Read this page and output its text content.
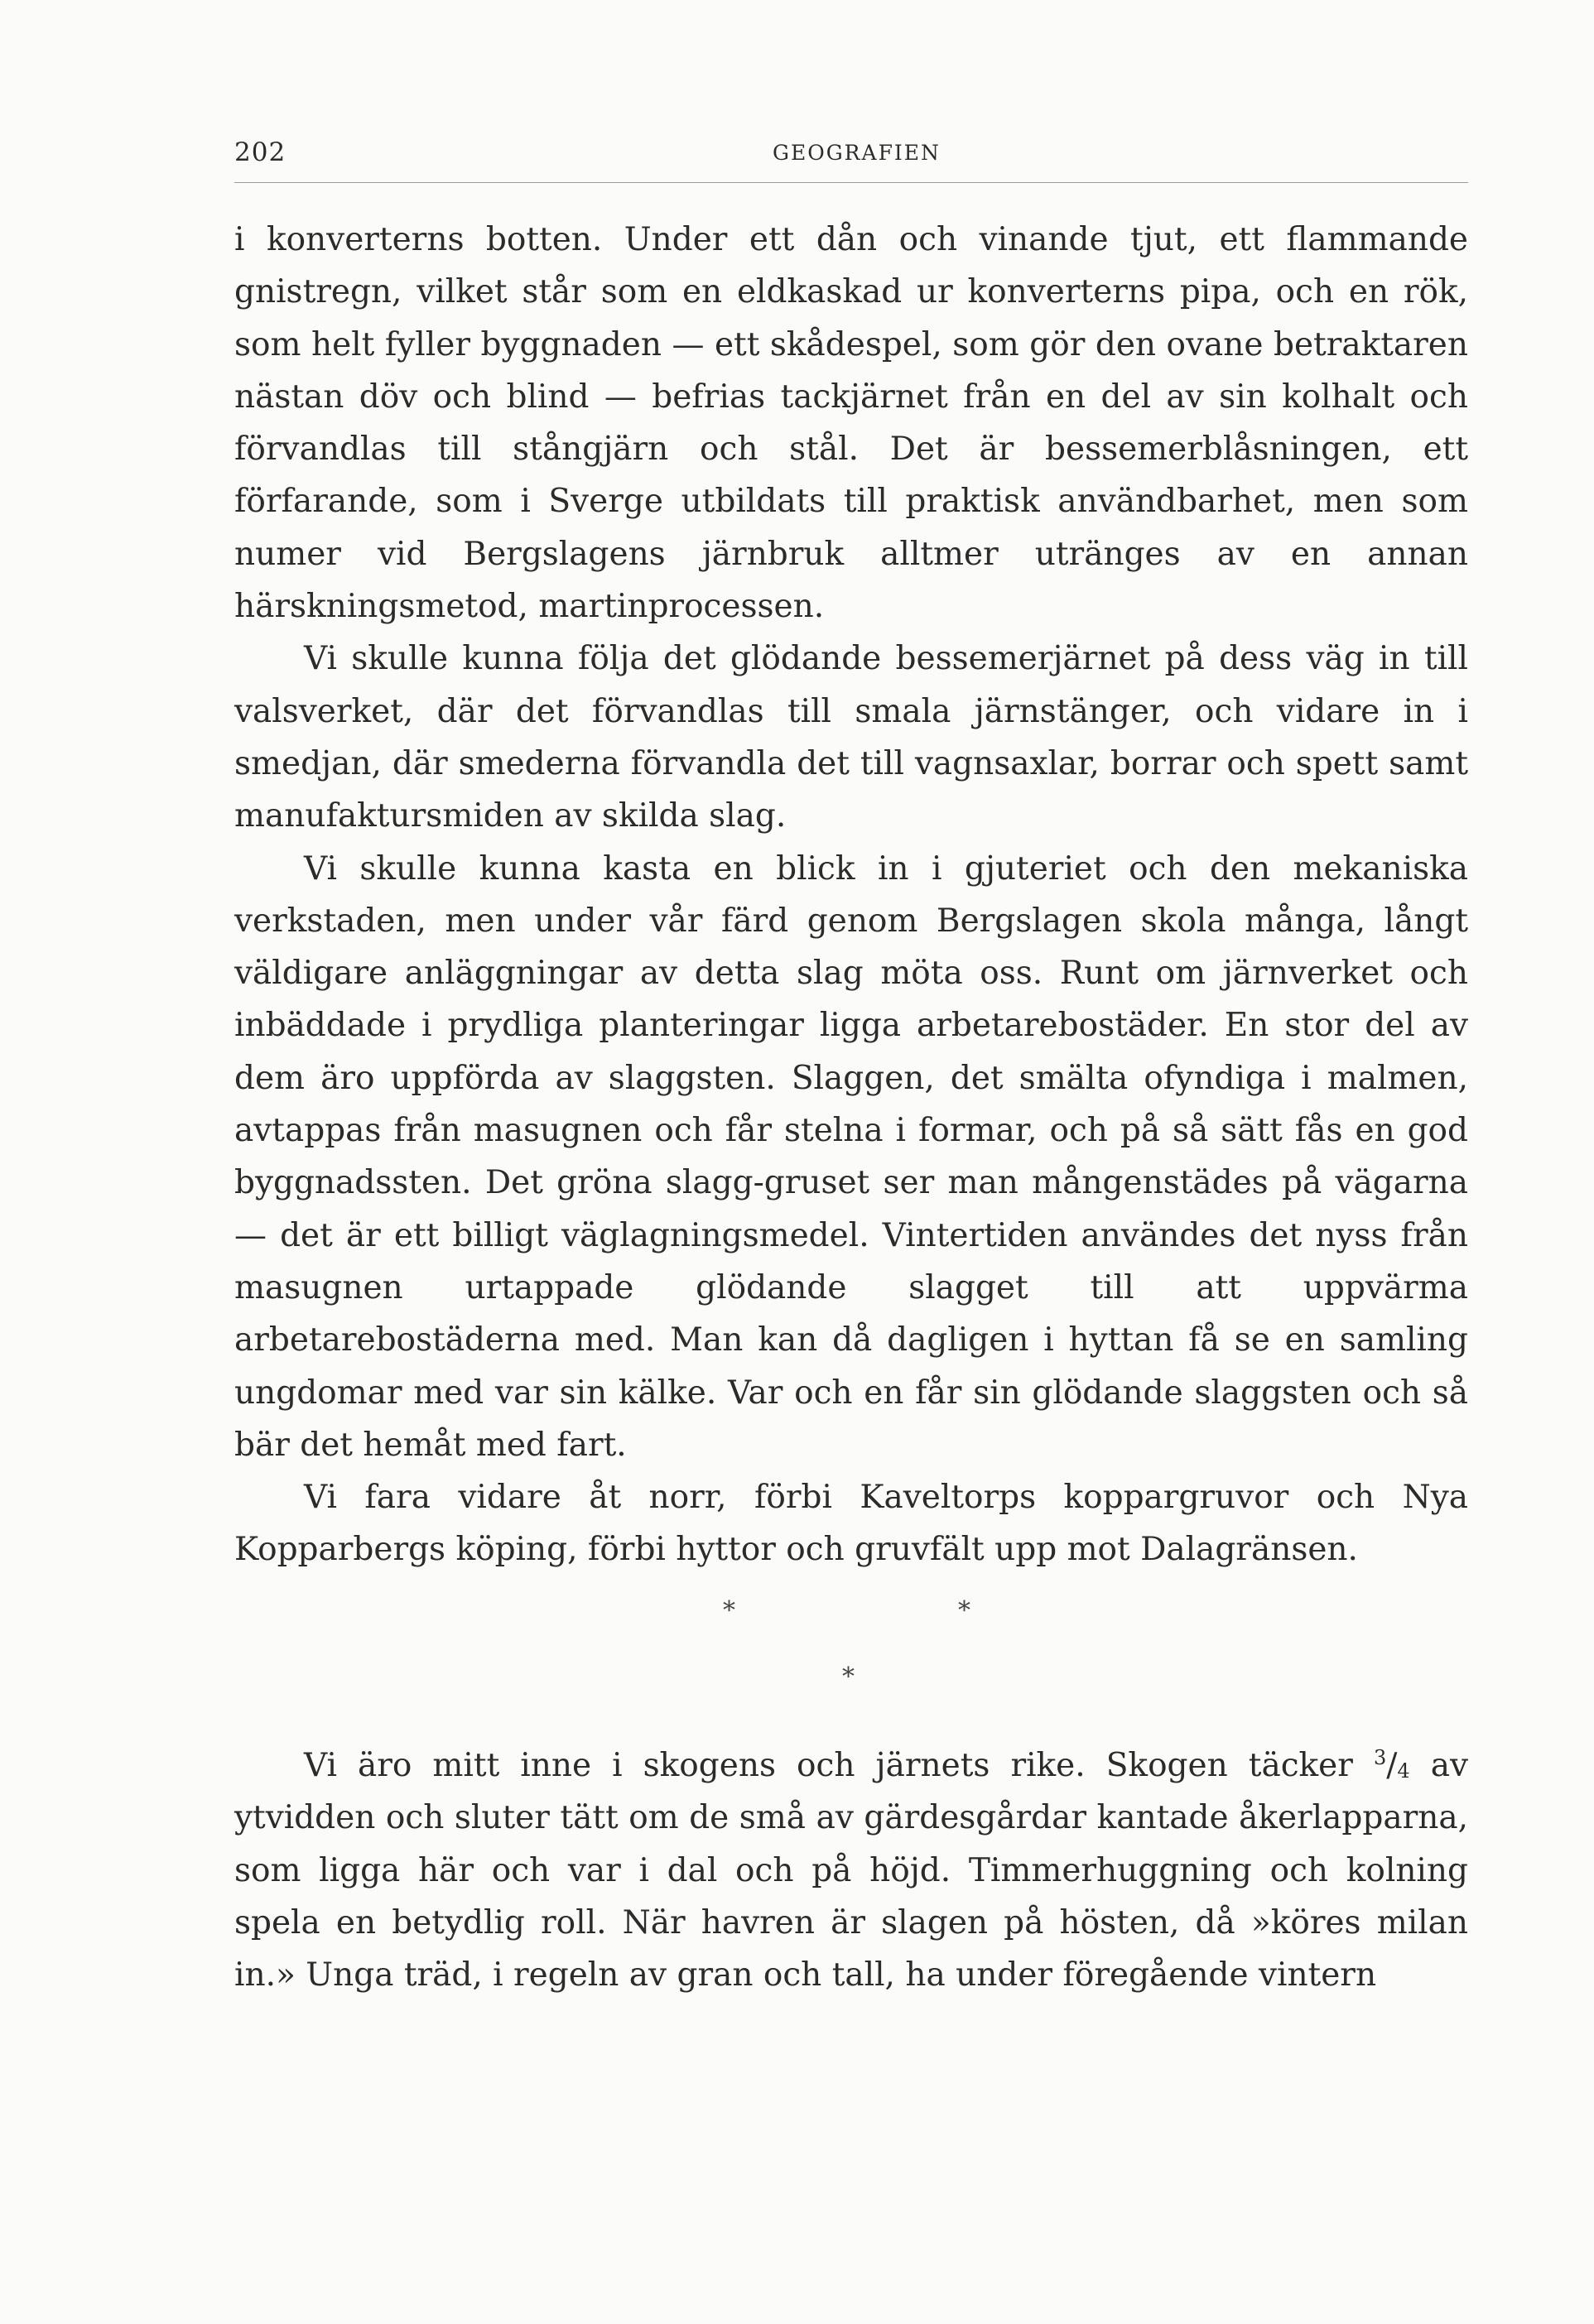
202	GEOGRAFIEN

i konverterns botten. Under ett dån och vinande tjut, ett flammande gnistregn, vilket står som en eldkaskad ur konverterns pipa, och en rök, som helt fyller byggnaden — ett skådespel, som gör den ovane betraktaren nästan döv och blind — befrias tackjärnet från en del av sin kolhalt och förvandlas till stångjärn och stål. Det är bessemerblåsningen, ett förfarande, som i Sverge utbildats till praktisk användbarhet, men som numer vid Bergslagens järnbruk alltmer utränges av en annan härskningsmetod, martinprocessen.

Vi skulle kunna följa det glödande bessemerjärnet på dess väg in till valsverket, där det förvandlas till smala järnstänger, och vidare in i smedjan, där smederna förvandla det till vagnsaxlar, borrar och spett samt manufaktursmiden av skilda slag.

Vi skulle kunna kasta en blick in i gjuteriet och den mekaniska verkstaden, men under vår färd genom Bergslagen skola många, långt väldigare anläggningar av detta slag möta oss. Runt om järnverket och inbäddade i prydliga planteringar ligga arbetarebostäder. En stor del av dem äro uppförda av slaggsten. Slaggen, det smälta ofyndiga i malmen, avtappas från masugnen och får stelna i formar, och på så sätt fås en god byggnadssten. Det gröna slagg-gruset ser man mångenstädes på vägarna — det är ett billigt väglagningsmedel. Vintertiden användes det nyss från masugnen urtappade glödande slagget till att uppvärma arbetarebostäderna med. Man kan då dagligen i hyttan få se en samling ungdomar med var sin kälke. Var och en får sin glödande slaggsten och så bär det hemåt med fart.

Vi fara vidare åt norr, förbi Kaveltorps koppargruvor och Nya Kopparbergs köping, förbi hyttor och gruvfält upp mot Dalagränsen.

*	*
*

Vi äro mitt inne i skogens och järnets rike. Skogen täcker $^3/_4$ av ytvidden och sluter tätt om de små av gärdesgårdar kantade åkerlapparna, som ligga här och var i dal och på höjd. Timmerhuggning och kolning spela en betydlig roll. När havren är slagen på hösten, då »köres milan in.» Unga träd, i regeln av gran och tall, ha under föregående vintern
